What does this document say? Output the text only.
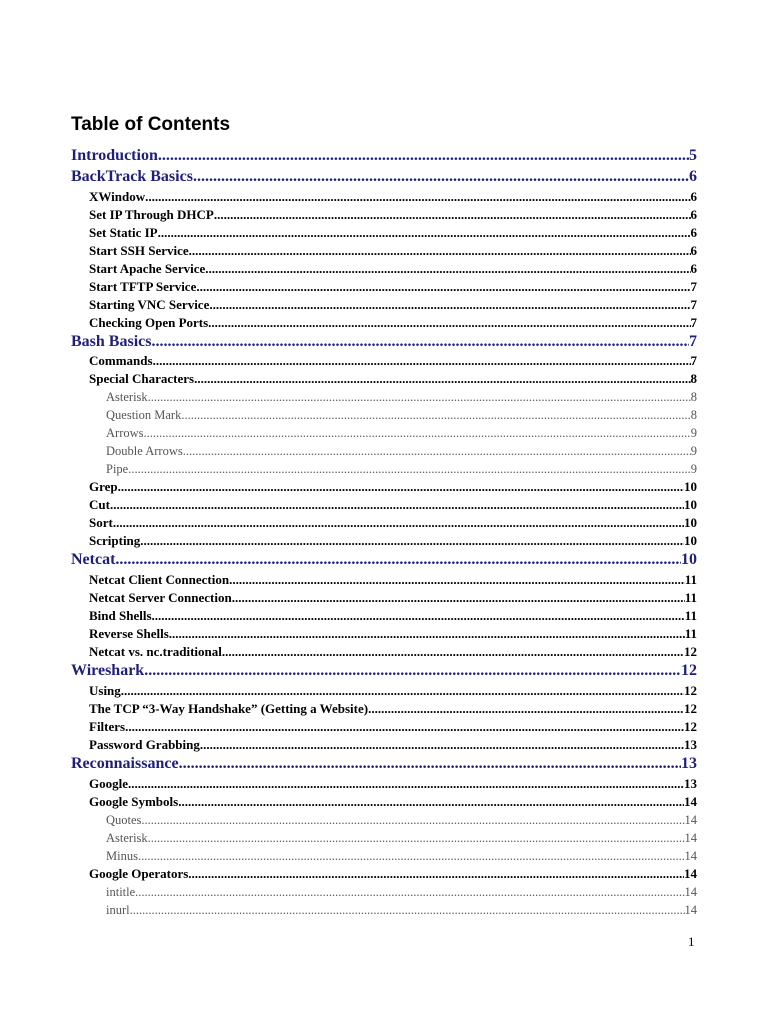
Table of Contents
Introduction .....	5
BackTrack Basics .....	6
XWindow .....	6
Set IP Through DHCP .....	6
Set Static IP .....	6
Start SSH Service .....	6
Start Apache Service .....	6
Start TFTP Service .....	7
Starting VNC Service .....	7
Checking Open Ports .....	7
Bash Basics .....	7
Commands .....	7
Special Characters .....	8
Asterisk .....	8
Question Mark .....	8
Arrows .....	9
Double Arrows .....	9
Pipe .....	9
Grep .....	10
Cut .....	10
Sort .....	10
Scripting .....	10
Netcat .....	10
Netcat Client Connection .....	11
Netcat Server Connection .....	11
Bind Shells .....	11
Reverse Shells .....	11
Netcat vs. nc.traditional .....	12
Wireshark .....	12
Using .....	12
The TCP “3-Way Handshake” (Getting a Website) .....	12
Filters .....	12
Password Grabbing .....	13
Reconnaissance .....	13
Google .....	13
Google Symbols .....	14
Quotes .....	14
Asterisk .....	14
Minus .....	14
Google Operators .....	14
intitle .....	14
inurl .....	14
1
